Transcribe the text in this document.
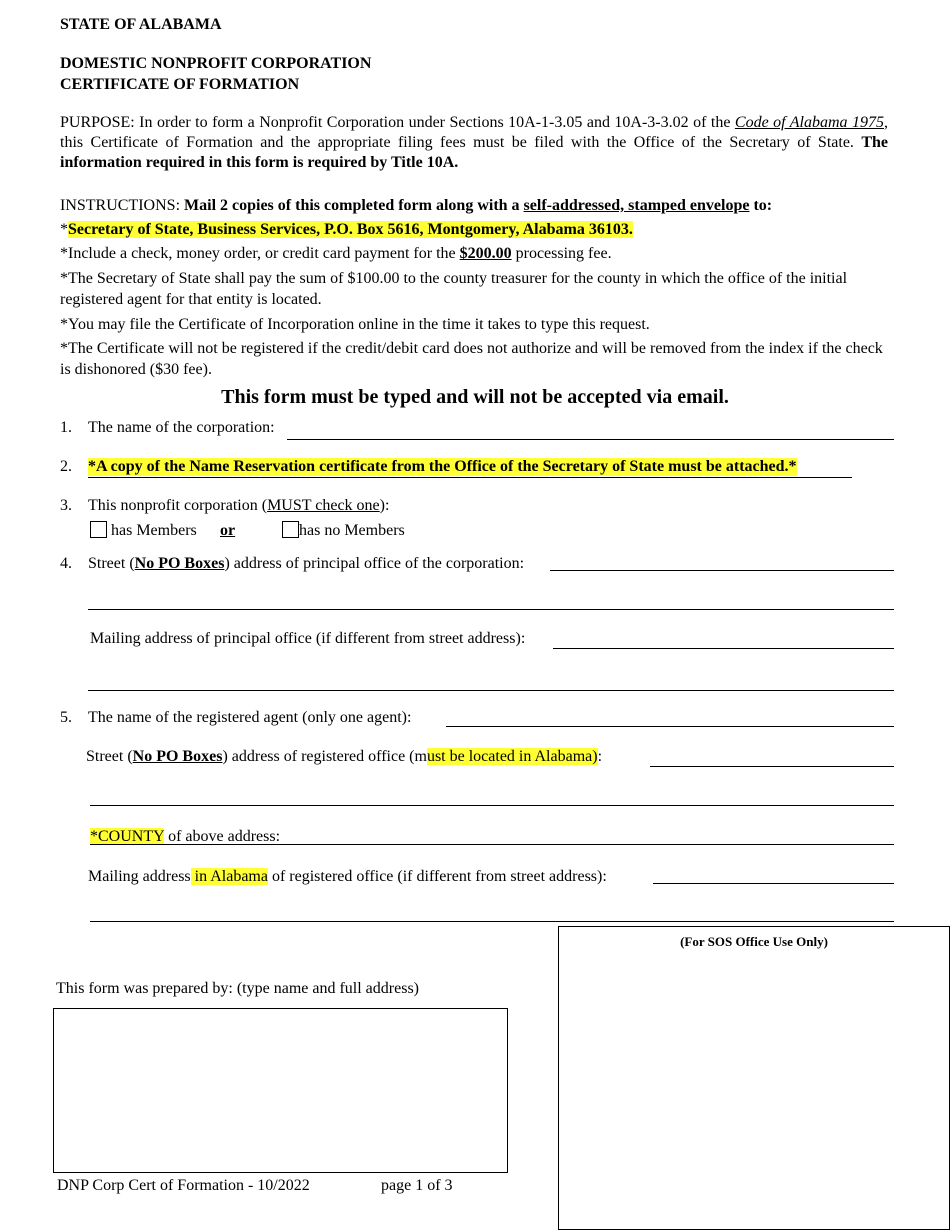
STATE OF ALABAMA
DOMESTIC NONPROFIT CORPORATION
CERTIFICATE OF FORMATION
PURPOSE: In order to form a Nonprofit Corporation under Sections 10A-1-3.05 and 10A-3-3.02 of the Code of Alabama 1975, this Certificate of Formation and the appropriate filing fees must be filed with the Office of the Secretary of State. The information required in this form is required by Title 10A.
INSTRUCTIONS: Mail 2 copies of this completed form along with a self-addressed, stamped envelope to:
*Secretary of State, Business Services, P.O. Box 5616, Montgomery, Alabama 36103.
*Include a check, money order, or credit card payment for the $200.00 processing fee.
*The Secretary of State shall pay the sum of $100.00 to the county treasurer for the county in which the office of the initial registered agent for that entity is located.
*You may file the Certificate of Incorporation online in the time it takes to type this request.
*The Certificate will not be registered if the credit/debit card does not authorize and will be removed from the index if the check is dishonored ($30 fee).
This form must be typed and will not be accepted via email.
1. The name of the corporation:
2. *A copy of the Name Reservation certificate from the Office of the Secretary of State must be attached.*
3. This nonprofit corporation (MUST check one):
has Members or	has no Members
4. Street (No PO Boxes) address of principal office of the corporation:
Mailing address of principal office (if different from street address):
5. The name of the registered agent (only one agent):
Street (No PO Boxes) address of registered office (must be located in Alabama):
*COUNTY of above address:
Mailing address in Alabama of registered office (if different from street address):
(For SOS Office Use Only)
This form was prepared by: (type name and full address)
DNP Corp Cert of Formation - 10/2022	page 1 of 3
